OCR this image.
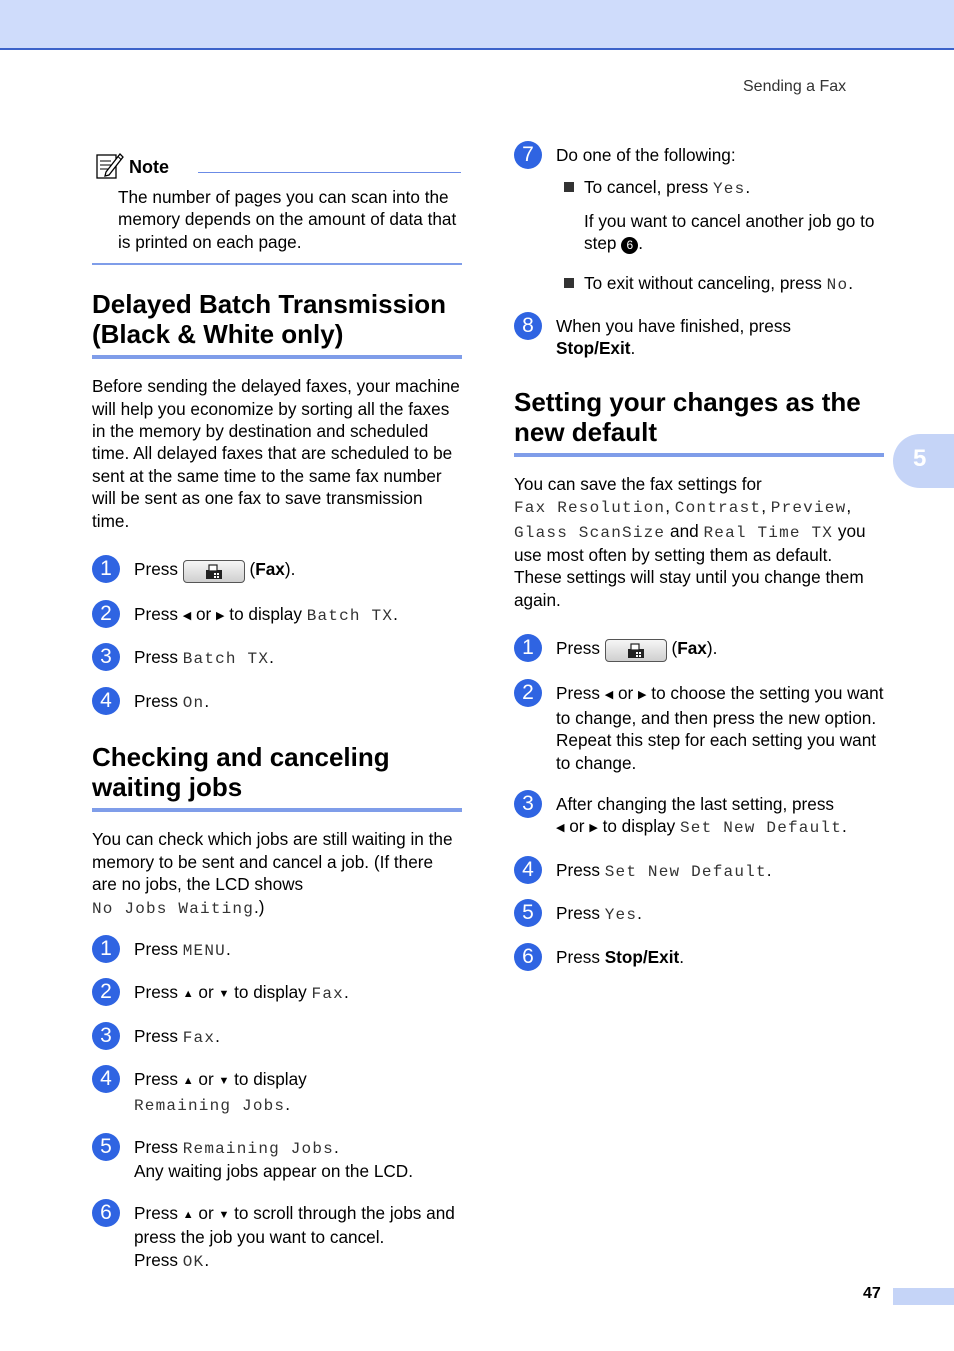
Sending a Fax
5
Note

The number of pages you can scan into the memory depends on the amount of data that is printed on each page.

Delayed Batch Transmission (Black & White only)

Before sending the delayed faxes, your machine will help you economize by sorting all the faxes in the memory by destination and scheduled time. All delayed faxes that are scheduled to be sent at the same time to the same fax number will be sent as one fax to save transmission time.

1	Press	(Fax).
2	Press ◀ or ▶ to display Batch TX.
3	Press Batch TX.
4	Press On.
Checking and canceling waiting jobs

You can check which jobs are still waiting in the memory to be sent and cancel a job. (If there are no jobs, the LCD shows
No Jobs Waiting.)

1	Press MENU.
2	Press ▲ or ▼ to display Fax.
3	Press Fax.
4	Press ▲ or ▼ to display
Remaining Jobs.
5	Press Remaining Jobs.
Any waiting jobs appear on the LCD.
6	Press ▲ or ▼ to scroll through the jobs and press the job you want to cancel.
Press OK.
7	Do one of the following:
To cancel, press Yes.

If you want to cancel another job go to step 6 .

To exit without canceling, press No.
8	When you have finished, press
Stop/Exit.
Setting your changes as the new default

You can save the fax settings for
Fax Resolution, Contrast, Preview,
Glass ScanSize and Real Time TX you use most often by setting them as default. These settings will stay until you change them again.

1	Press	(Fax).
2	Press ◀ or ▶ to choose the setting you want to change, and then press the new option.
Repeat this step for each setting you want to change.
3	After changing the last setting, press
◀ or ▶ to display Set New Default.
4	Press Set New Default.
5	Press Yes.
6	Press Stop/Exit.
47
